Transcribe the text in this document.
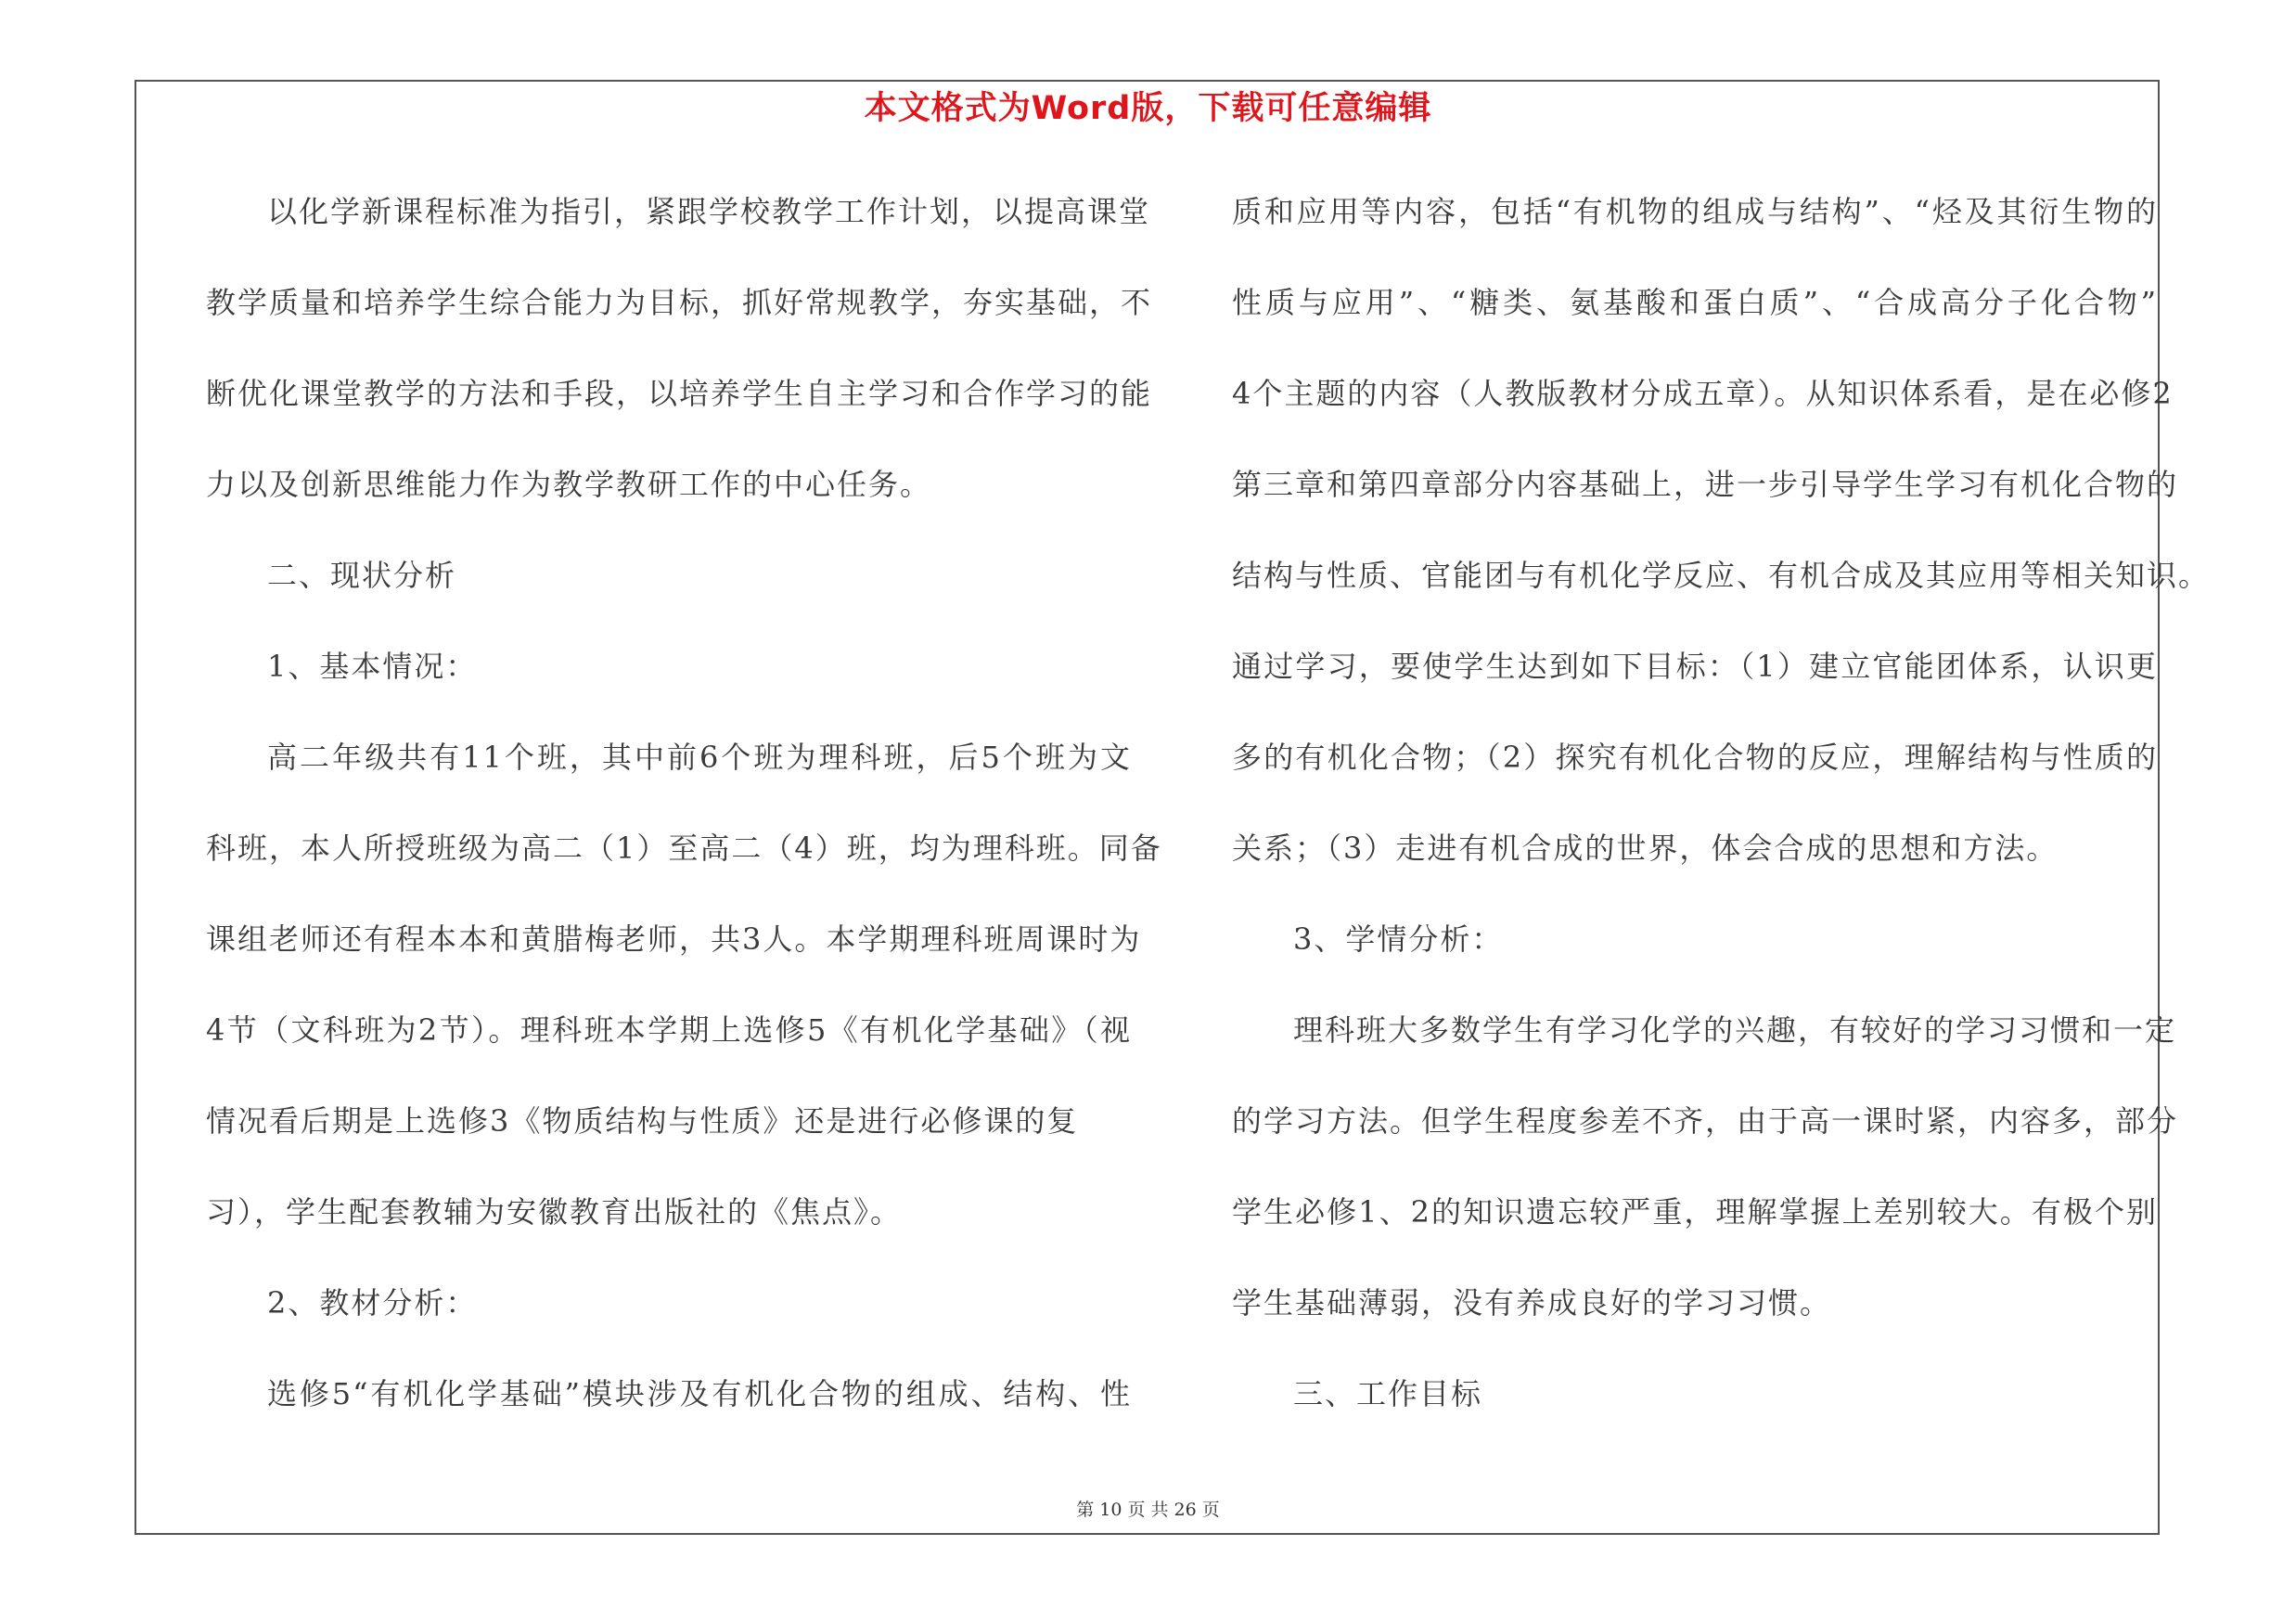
本文格式为Word版，下载可任意编辑
以化学新课程标准为指引，紧跟学校教学工作计划，以提高课堂
教学质量和培养学生综合能力为目标，抓好常规教学，夯实基础，不
断优化课堂教学的方法和手段，以培养学生自主学习和合作学习的能
力以及创新思维能力作为教学教研工作的中心任务。
二、现状分析
1、基本情况：
高二年级共有11个班，其中前6个班为理科班，后5个班为文
科班，本人所授班级为高二（1）至高二（4）班，均为理科班。同备
课组老师还有程本本和黄腊梅老师，共3人。本学期理科班周课时为
4节（文科班为2节）。理科班本学期上选修5《有机化学基础》（视
情况看后期是上选修3《物质结构与性质》还是进行必修课的复
习），学生配套教辅为安徽教育出版社的《焦点》。
2、教材分析：
选修5“有机化学基础”模块涉及有机化合物的组成、结构、性
质和应用等内容，包括“有机物的组成与结构”、“烃及其衍生物的
性质与应用”、“糖类、氨基酸和蛋白质”、“合成高分子化合物”
4个主题的内容（人教版教材分成五章）。从知识体系看，是在必修2
第三章和第四章部分内容基础上，进一步引导学生学习有机化合物的
结构与性质、官能团与有机化学反应、有机合成及其应用等相关知识。
通过学习，要使学生达到如下目标：（1）建立官能团体系，认识更
多的有机化合物；（2）探究有机化合物的反应，理解结构与性质的
关系；（3）走进有机合成的世界，体会合成的思想和方法。
3、学情分析：
理科班大多数学生有学习化学的兴趣，有较好的学习习惯和一定
的学习方法。但学生程度参差不齐，由于高一课时紧，内容多，部分
学生必修1、2的知识遗忘较严重，理解掌握上差别较大。有极个别
学生基础薄弱，没有养成良好的学习习惯。
三、工作目标
第 10 页 共 26 页
